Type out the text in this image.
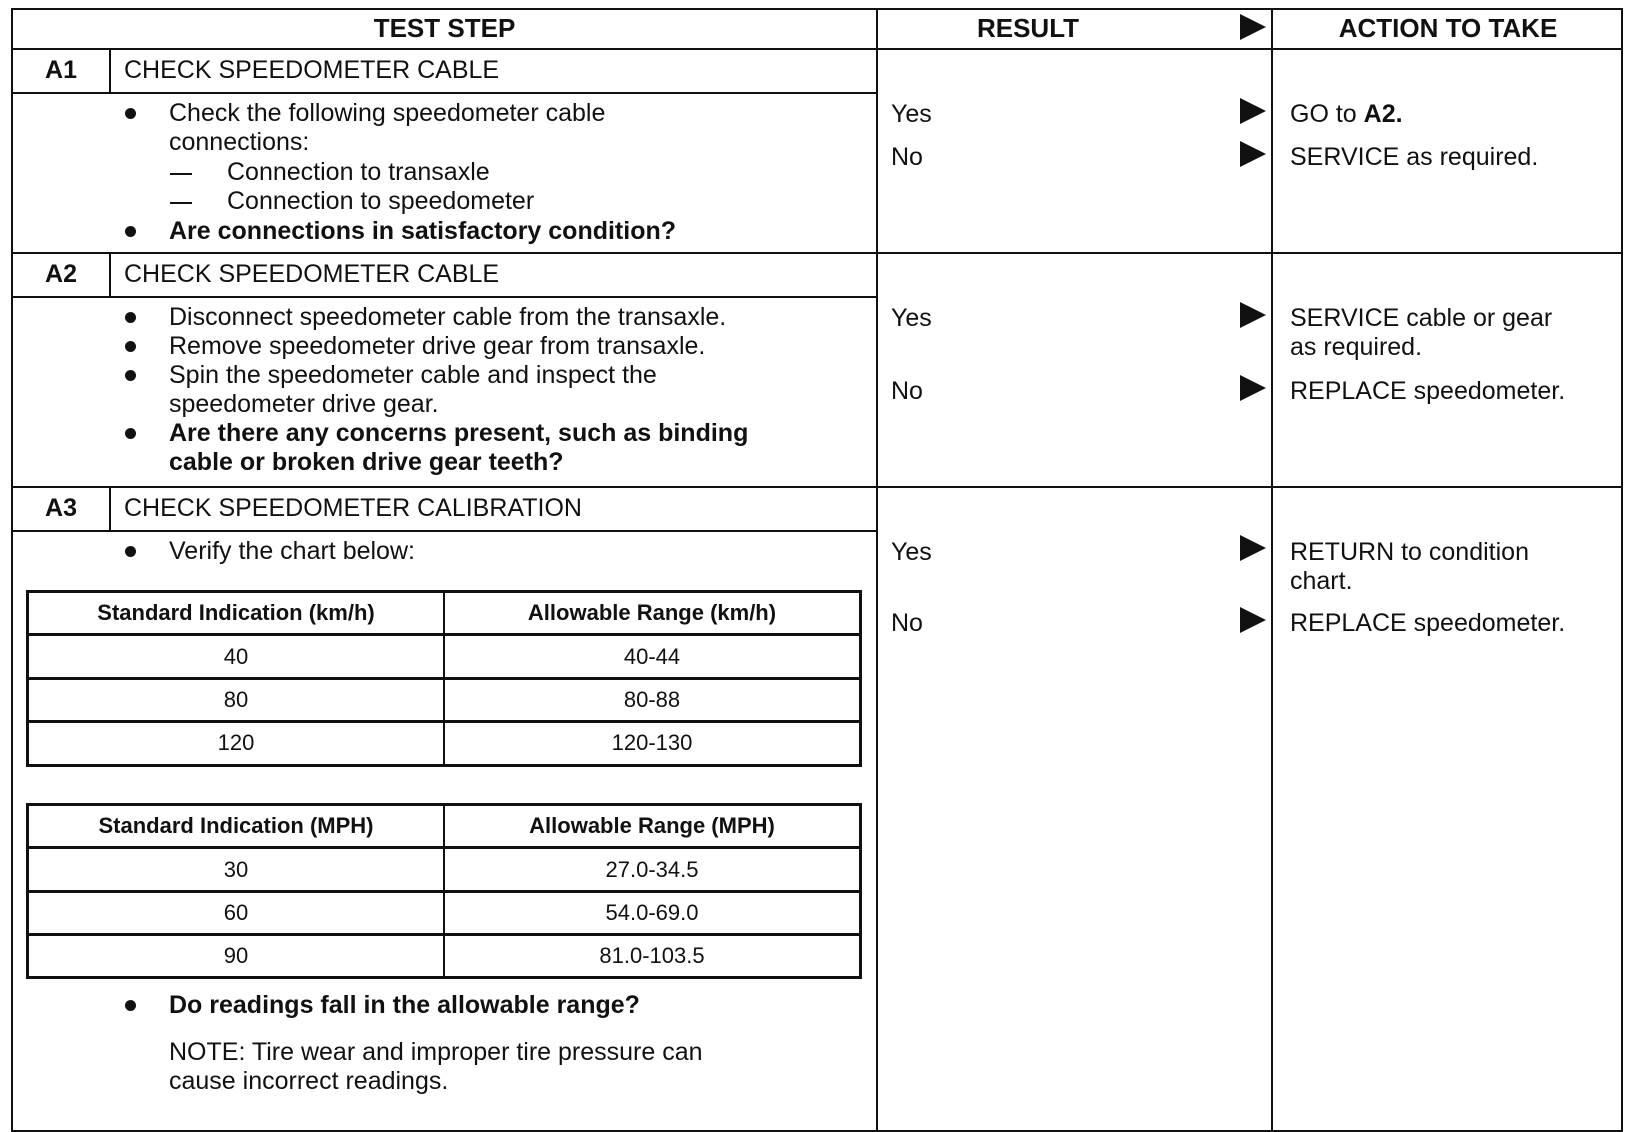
TEST STEP	RESULT	ACTION TO TAKE
A1	CHECK SPEEDOMETER CABLE
Check the following speedometer cable
connections:
Connection to transaxle
Connection to speedometer
Are connections in satisfactory condition?
Yes	GO to A2.
No	SERVICE as required.
A2	CHECK SPEEDOMETER CABLE
Disconnect speedometer cable from the transaxle.
Remove speedometer drive gear from transaxle.
Spin the speedometer cable and inspect the
speedometer drive gear.
Are there any concerns present, such as binding
cable or broken drive gear teeth?
Yes	SERVICE cable or gear
as required.
No	REPLACE speedometer.
A3	CHECK SPEEDOMETER CALIBRATION
Verify the chart below:
Standard Indication (km/h)	Allowable Range (km/h)
40	40-44
80	80-88
120	120-130
Standard Indication (MPH)	Allowable Range (MPH)
30	27.0-34.5
60	54.0-69.0
90	81.0-103.5
Do readings fall in the allowable range?
NOTE: Tire wear and improper tire pressure can
cause incorrect readings.
Yes	RETURN to condition
chart.
No	REPLACE speedometer.
